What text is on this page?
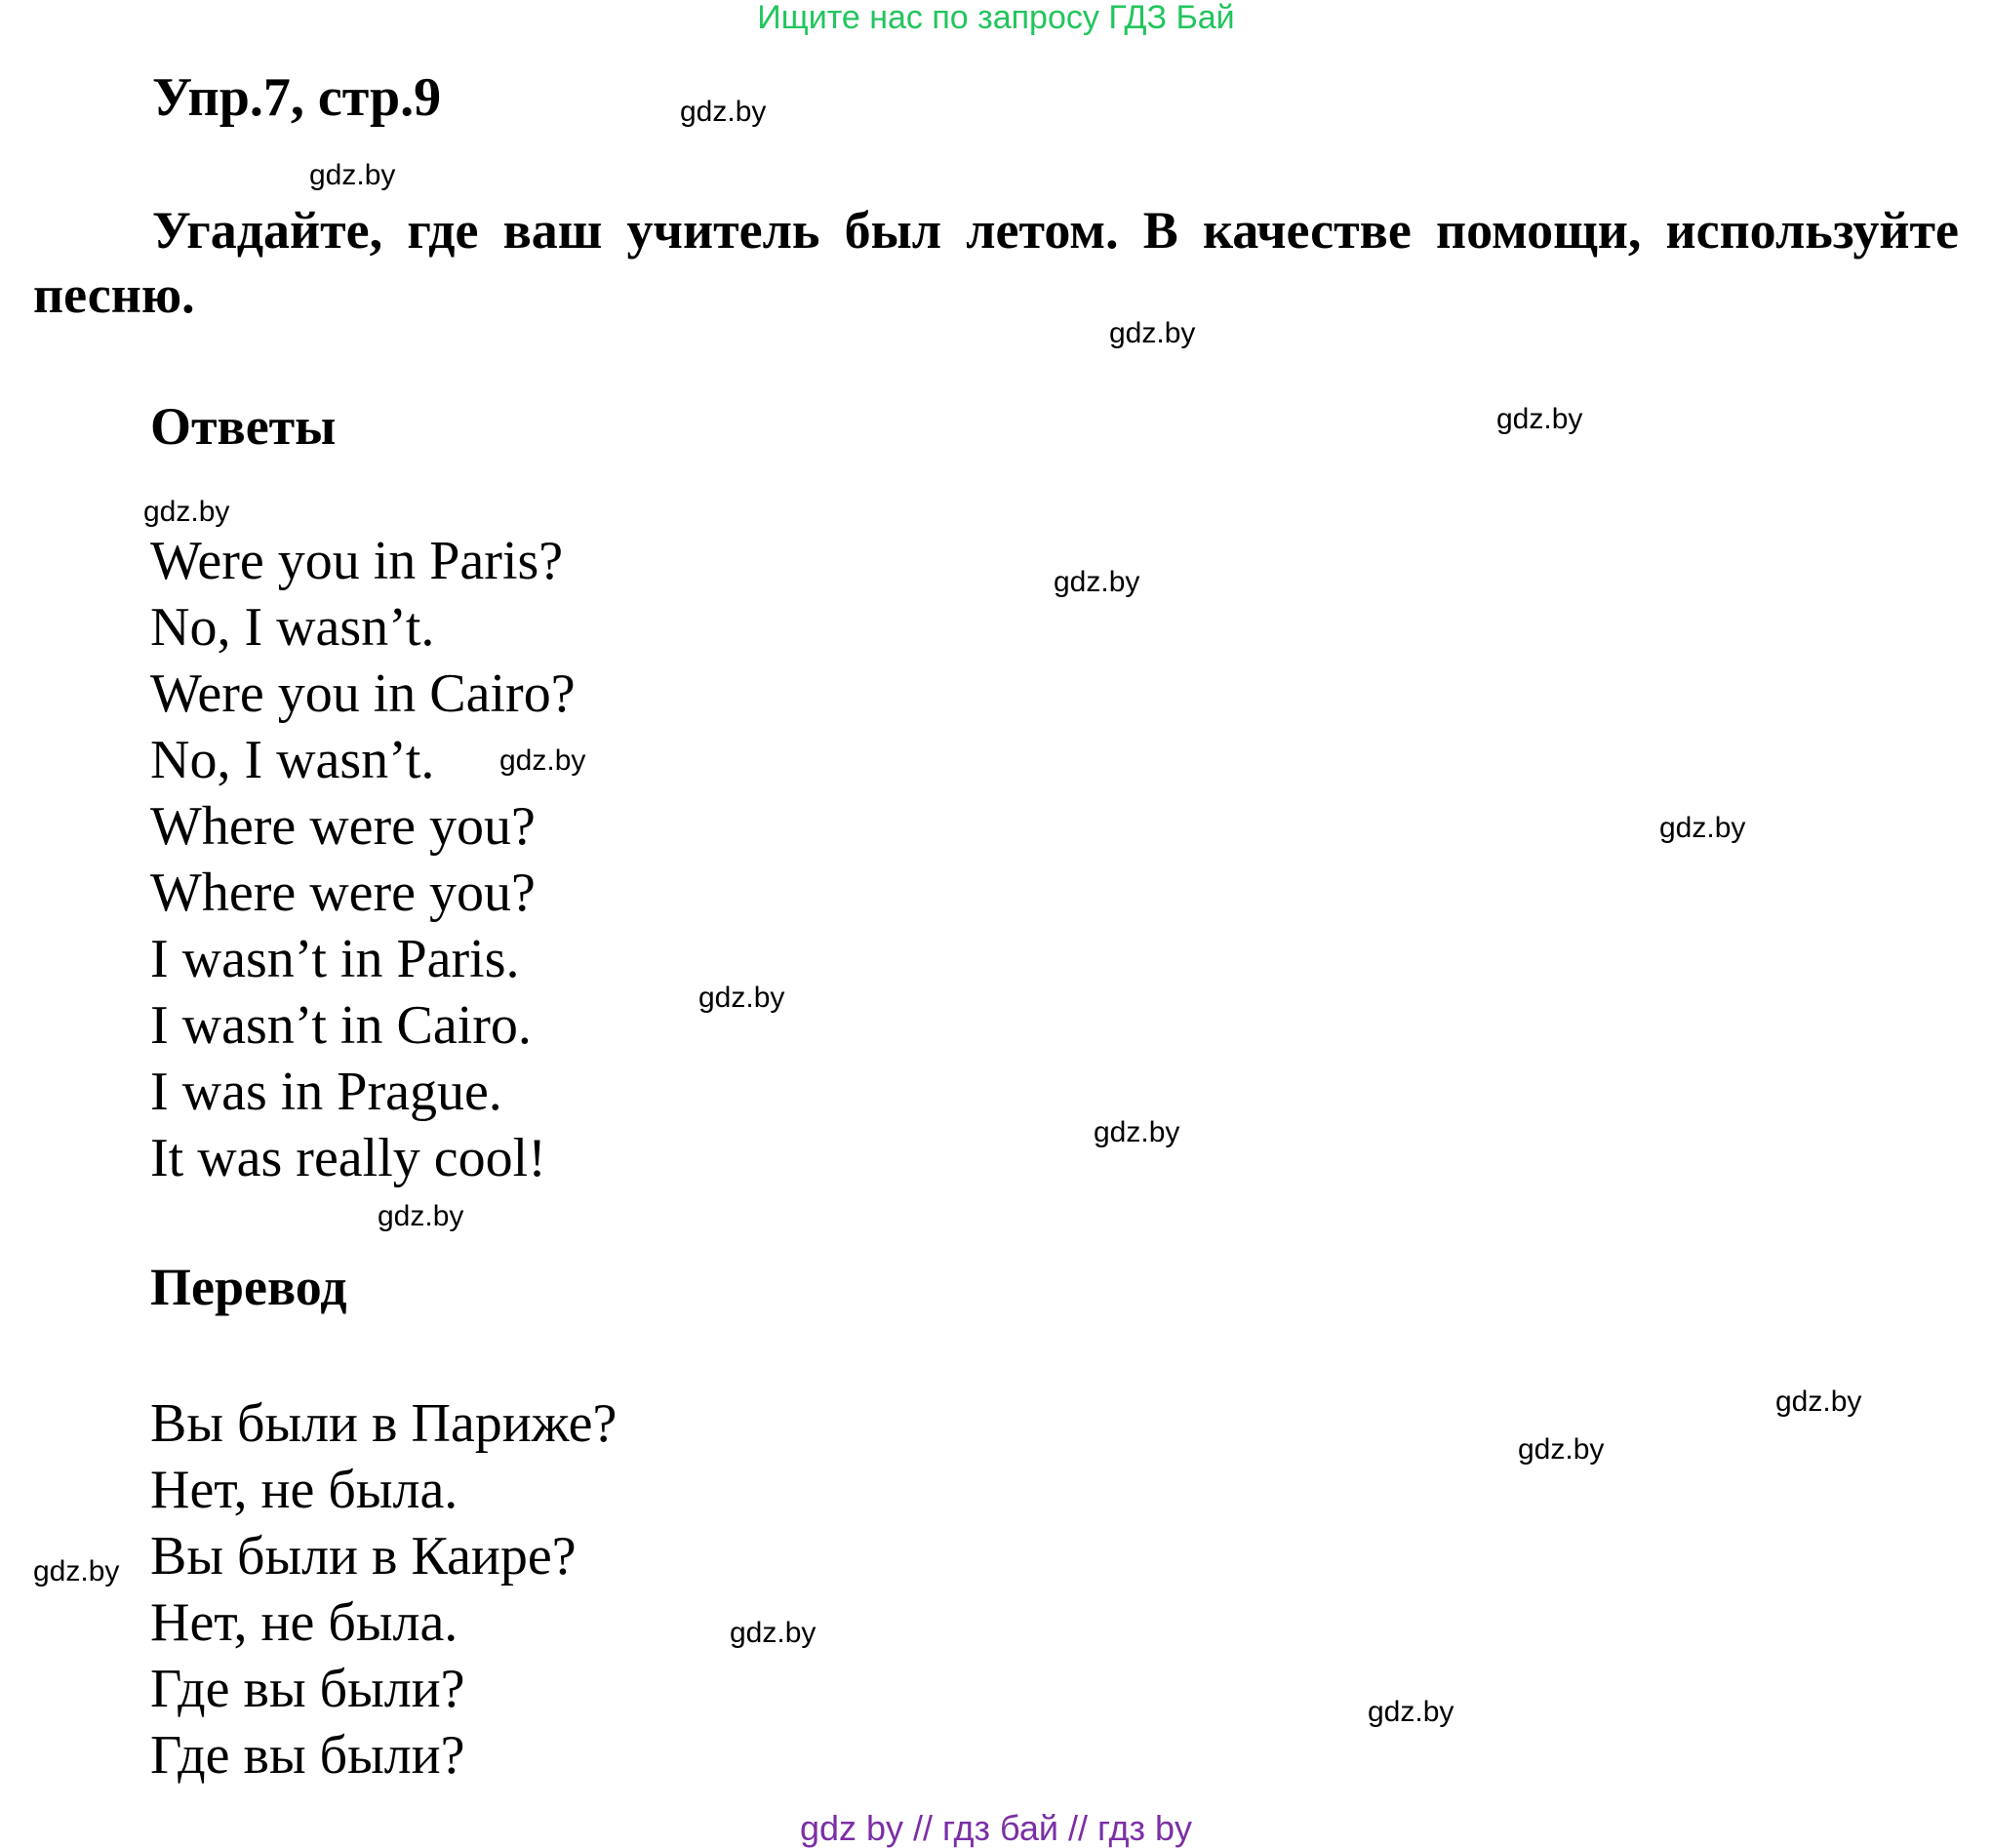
Ищите нас по запросу ГДЗ Бай
Упр.7, стр.9
Угадайте, где ваш учитель был летом. В качестве помощи, используйте песню.
Ответы
Were you in Paris?
No, I wasn’t.
Were you in Cairo?
No, I wasn’t.
Where were you?
Where were you?
I wasn’t in Paris.
I wasn’t in Cairo.
I was in Prague.
It was really cool!
Перевод
Вы были в Париже?
Нет, не была.
Вы были в Каире?
Нет, не была.
Где вы были?
Где вы были?
gdz.by
gdz.by
gdz.by
gdz.by
gdz.by
gdz.by
gdz.by
gdz.by
gdz.by
gdz.by
gdz.by
gdz.by
gdz.by
gdz.by
gdz.by
gdz.by
gdz by // гдз бай // гдз by
